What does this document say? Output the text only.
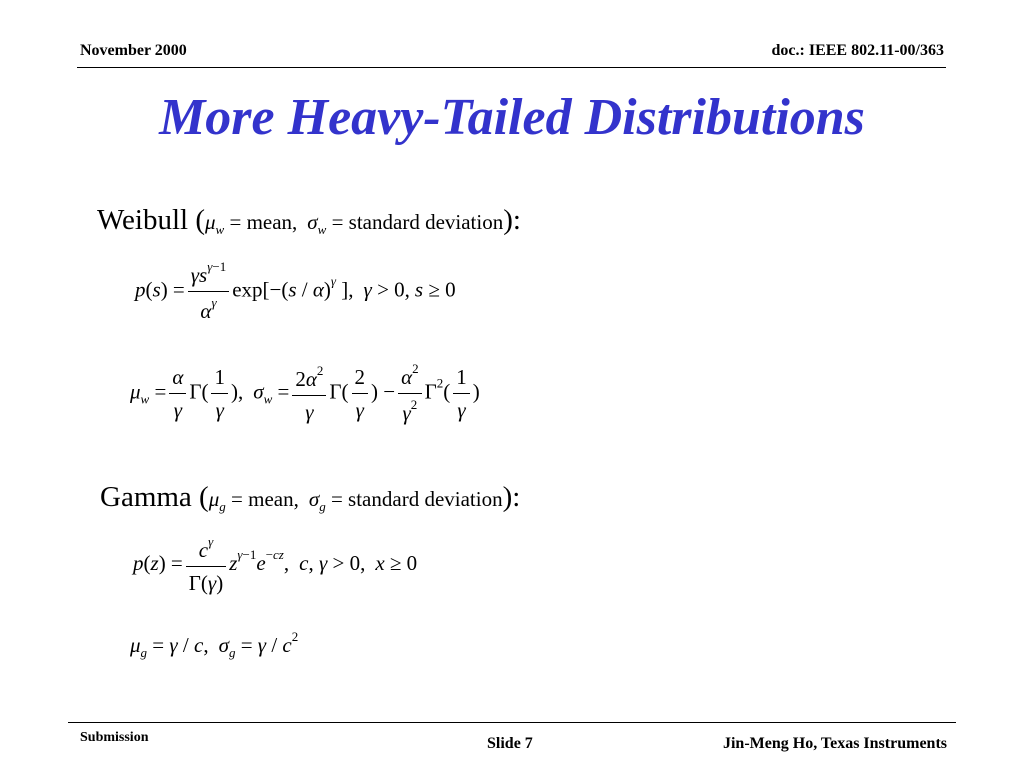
November 2000	doc.: IEEE 802.11-00/363
More Heavy-Tailed Distributions
Weibull ($\mu_w$ = mean, $\sigma_w$ = standard deviation):
$p(s) = \frac{\gamma s^{\gamma-1}}{\alpha^\gamma} \exp[-(s / \alpha)^\gamma$ ], γ > 0, s ≥ 0
$\mu_w = \frac{\alpha}{\gamma} \Gamma( \frac{1}{\gamma}$ ), $\sigma_w = \frac{2\alpha^2}{\gamma} \Gamma( \frac{2}{\gamma}$ ) − $\frac{\alpha^2}{\gamma^2} \Gamma^2( \frac{1}{\gamma}$ )
Gamma ($\mu_g$ = mean, $\sigma_g$ = standard deviation):
$p(z) = \frac{c^\gamma}{\Gamma(\gamma)} z^{\gamma-1}e^{-cz}$, c, γ > 0, x ≥ 0
$\mu_g = \gamma / c$, $\sigma_g = \gamma / c^2$
Submission	Slide 7	Jin-Meng Ho, Texas Instruments
